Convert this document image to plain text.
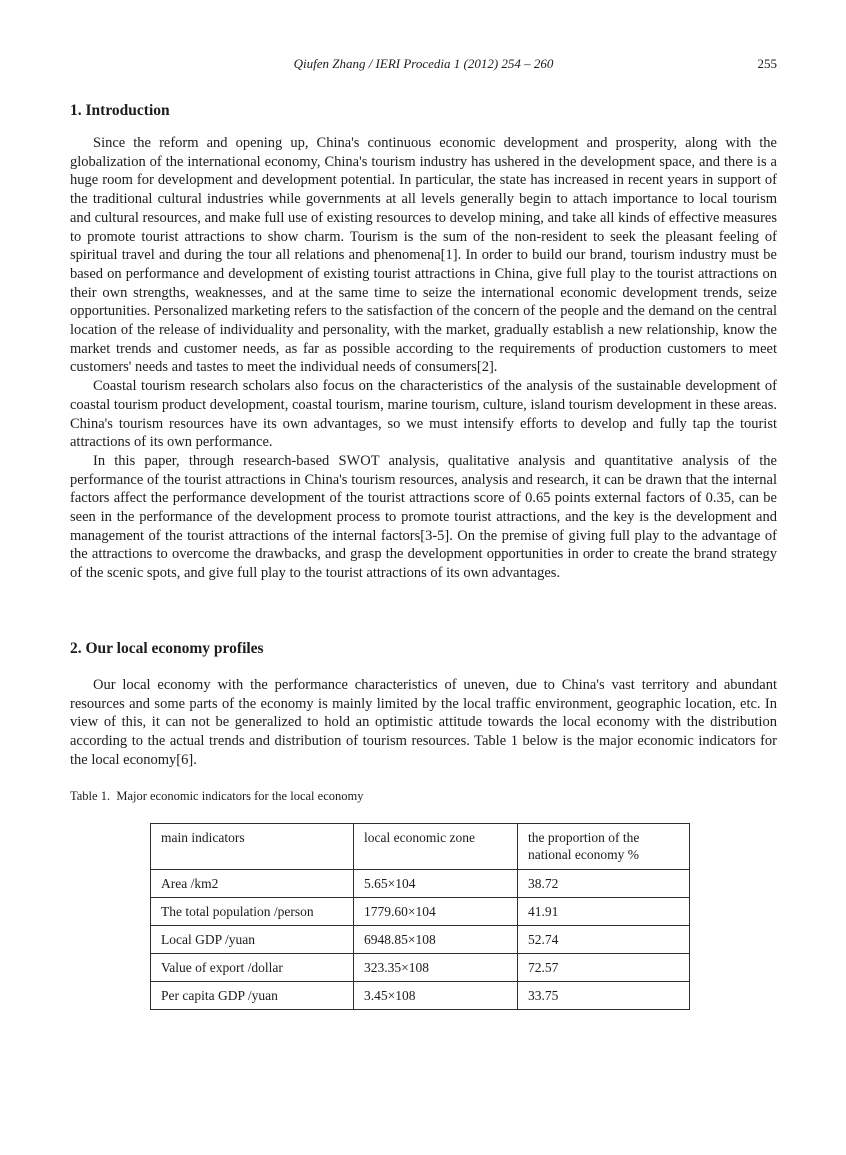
Qiufen Zhang / IERI Procedia 1 (2012) 254 – 260	255
1. Introduction

Since the reform and opening up, China's continuous economic development and prosperity, along with the globalization of the international economy, China's tourism industry has ushered in the development space, and there is a huge room for development and development potential. In particular, the state has increased in recent years in support of the traditional cultural industries while governments at all levels generally begin to attach importance to local tourism and cultural resources, and make full use of existing resources to develop mining, and take all kinds of effective measures to promote tourist attractions to show charm. Tourism is the sum of the non-resident to seek the pleasant feeling of spiritual travel and during the tour all relations and phenomena[1]. In order to build our brand, tourism industry must be based on performance and development of existing tourist attractions in China, give full play to the tourist attractions on their own strengths, weaknesses, and at the same time to seize the international economic development trends, seize opportunities. Personalized marketing refers to the satisfaction of the concern of the people and the demand on the central location of the release of individuality and personality, with the market, gradually establish a new relationship, know the market trends and customer needs, as far as possible according to the requirements of production customers to meet customers' needs and tastes to meet the individual needs of consumers[2].

Coastal tourism research scholars also focus on the characteristics of the analysis of the sustainable development of coastal tourism product development, coastal tourism, marine tourism, culture, island tourism development in these areas. China's tourism resources have its own advantages, so we must intensify efforts to develop and fully tap the tourist attractions of its own performance.

In this paper, through research-based SWOT analysis, qualitative analysis and quantitative analysis of the performance of the tourist attractions in China's tourism resources, analysis and research, it can be drawn that the internal factors affect the performance development of the tourist attractions score of 0.65 points external factors of 0.35, can be seen in the performance of the development process to promote tourist attractions, and the key is the development and management of the tourist attractions of the internal factors[3-5]. On the premise of giving full play to the advantage of the attractions to overcome the drawbacks, and grasp the development opportunities in order to create the brand strategy of the scenic spots, and give full play to the tourist attractions of its own advantages.

2. Our local economy profiles

Our local economy with the performance characteristics of uneven, due to China's vast territory and abundant resources and some parts of the economy is mainly limited by the local traffic environment, geographic location, etc. In view of this, it can not be generalized to hold an optimistic attitude towards the local economy with the distribution according to the actual trends and distribution of tourism resources. Table 1 below is the major economic indicators for the local economy[6].

Table 1.  Major economic indicators for the local economy
main indicators	local economic zone	the proportion of the national economy %
Area /km2	5.65×104	38.72
The total population /person	1779.60×104	41.91
Local GDP /yuan	6948.85×108	52.74
Value of export /dollar	323.35×108	72.57
Per capita GDP /yuan	3.45×108	33.75
